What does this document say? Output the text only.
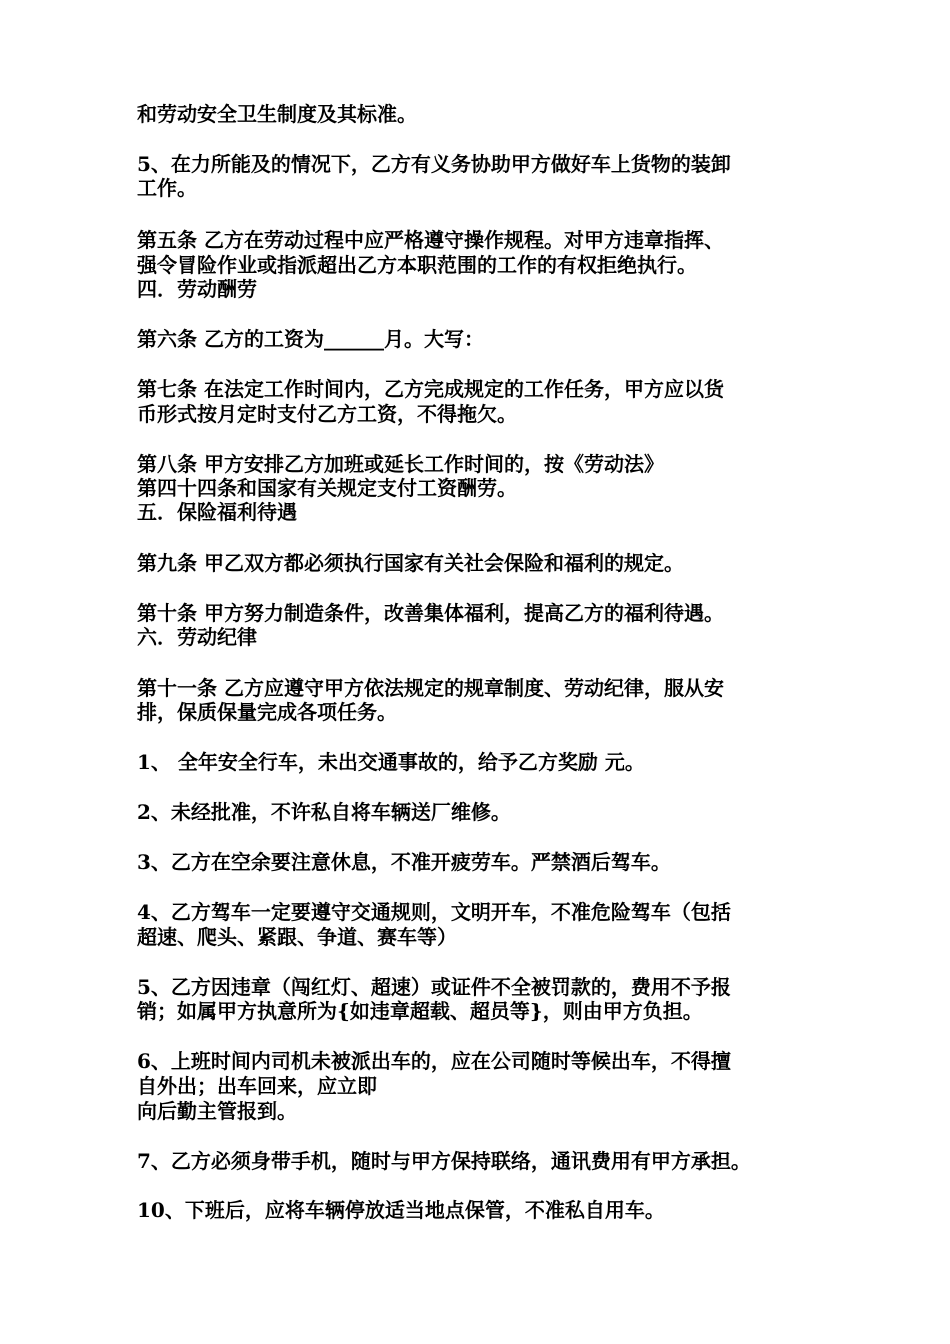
和劳动安全卫生制度及其标准。
5、在力所能及的情况下，乙方有义务协助甲方做好车上货物的装卸
工作。
第五条 乙方在劳动过程中应严格遵守操作规程。对甲方违章指挥、
强令冒险作业或指派超出乙方本职范围的工作的有权拒绝执行。
四．劳动酬劳
第六条 乙方的工资为______月。大写：
第七条 在法定工作时间内，乙方完成规定的工作任务，甲方应以货
币形式按月定时支付乙方工资，不得拖欠。
第八条 甲方安排乙方加班或延长工作时间的，按《劳动法》
第四十四条和国家有关规定支付工资酬劳。
五．保险福利待遇
第九条 甲乙双方都必须执行国家有关社会保险和福利的规定。
第十条 甲方努力制造条件，改善集体福利，提高乙方的福利待遇。
六．劳动纪律
第十一条 乙方应遵守甲方依法规定的规章制度、劳动纪律，服从安
排，保质保量完成各项任务。
1、 全年安全行车，未出交通事故的，给予乙方奖励 元。
2、未经批准，不许私自将车辆送厂维修。
3、乙方在空余要注意休息，不准开疲劳车。严禁酒后驾车。
4、乙方驾车一定要遵守交通规则，文明开车，不准危险驾车（包括
超速、爬头、紧跟、争道、赛车等）
5、乙方因违章（闯红灯、超速）或证件不全被罚款的，费用不予报
销；如属甲方执意所为{如违章超载、超员等}，则由甲方负担。
6、上班时间内司机未被派出车的，应在公司随时等候出车，不得擅
自外出；出车回来，应立即
向后勤主管报到。
7、乙方必须身带手机，随时与甲方保持联络，通讯费用有甲方承担。
10、下班后，应将车辆停放适当地点保管，不准私自用车。
